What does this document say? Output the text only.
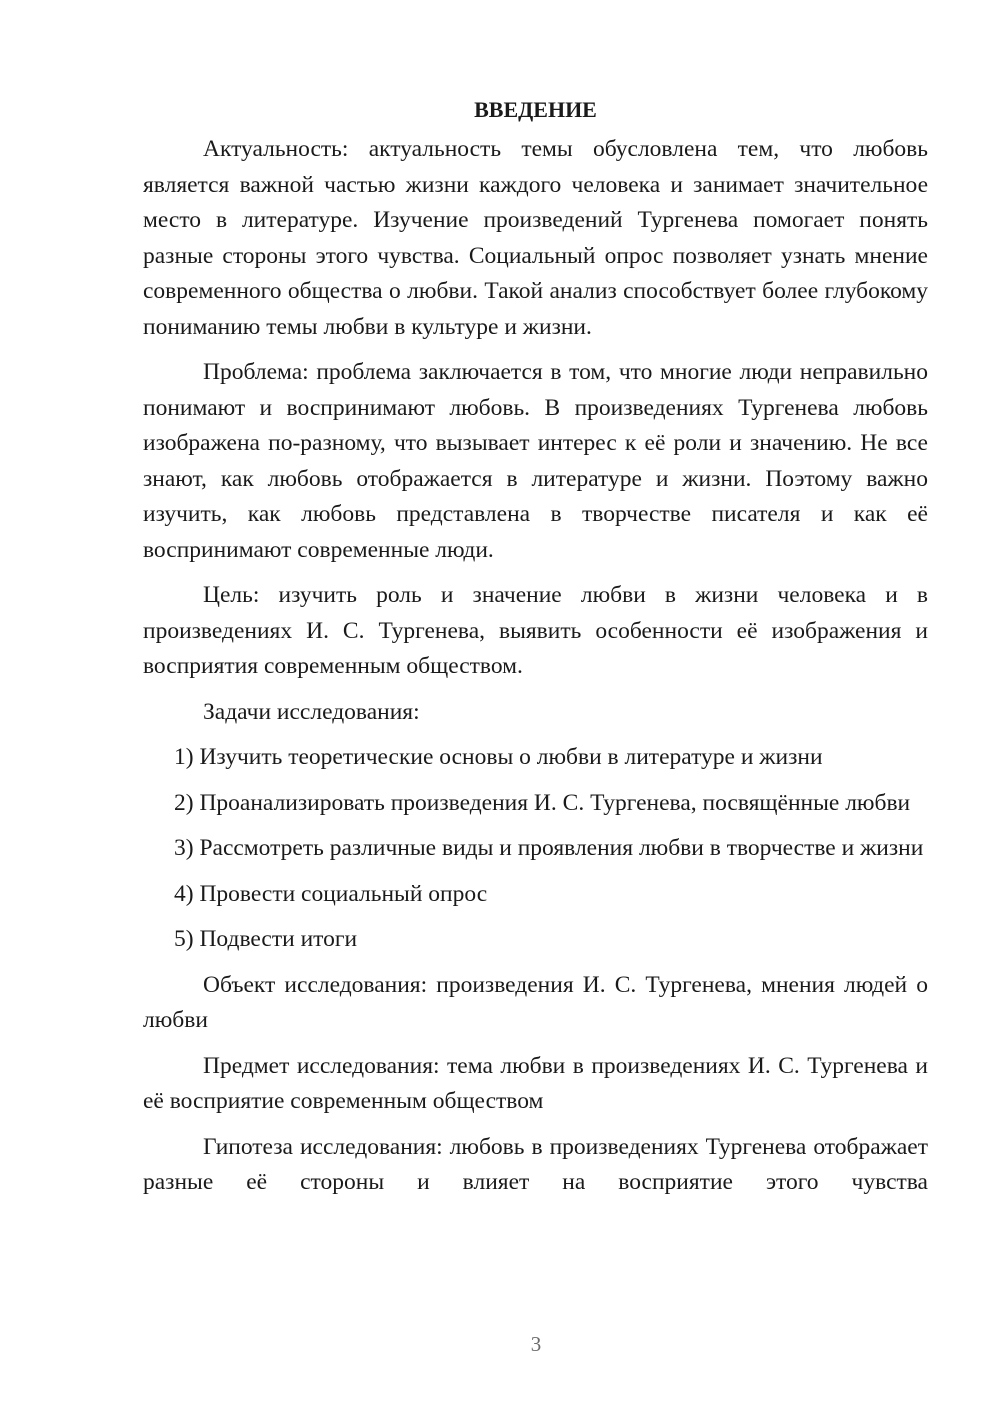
ВВЕДЕНИЕ

Актуальность: актуальность темы обусловлена тем, что любовь является важной частью жизни каждого человека и занимает значительное место в литературе. Изучение произведений Тургенева помогает понять разные стороны этого чувства. Социальный опрос позволяет узнать мнение современного общества о любви. Такой анализ способствует более глубокому пониманию темы любви в культуре и жизни.

Проблема: проблема заключается в том, что многие люди неправильно понимают и воспринимают любовь. В произведениях Тургенева любовь изображена по-разному, что вызывает интерес к её роли и значению. Не все знают, как любовь отображается в литературе и жизни. Поэтому важно изучить, как любовь представлена в творчестве писателя и как её воспринимают современные люди.

Цель: изучить роль и значение любви в жизни человека и в произведениях И. С. Тургенева, выявить особенности её изображения и восприятия современным обществом.

Задачи исследования:

1) Изучить теоретические основы о любви в литературе и жизни

2) Проанализировать произведения И. С. Тургенева, посвящённые любви

3) Рассмотреть различные виды и проявления любви в творчестве и жизни

4) Провести социальный опрос

5) Подвести итоги

Объект исследования: произведения И. С. Тургенева, мнения людей о любви

Предмет исследования: тема любви в произведениях И. С. Тургенева и её восприятие современным обществом

Гипотеза исследования: любовь в произведениях Тургенева отображает разные её стороны и влияет на восприятие этого чувства

3
